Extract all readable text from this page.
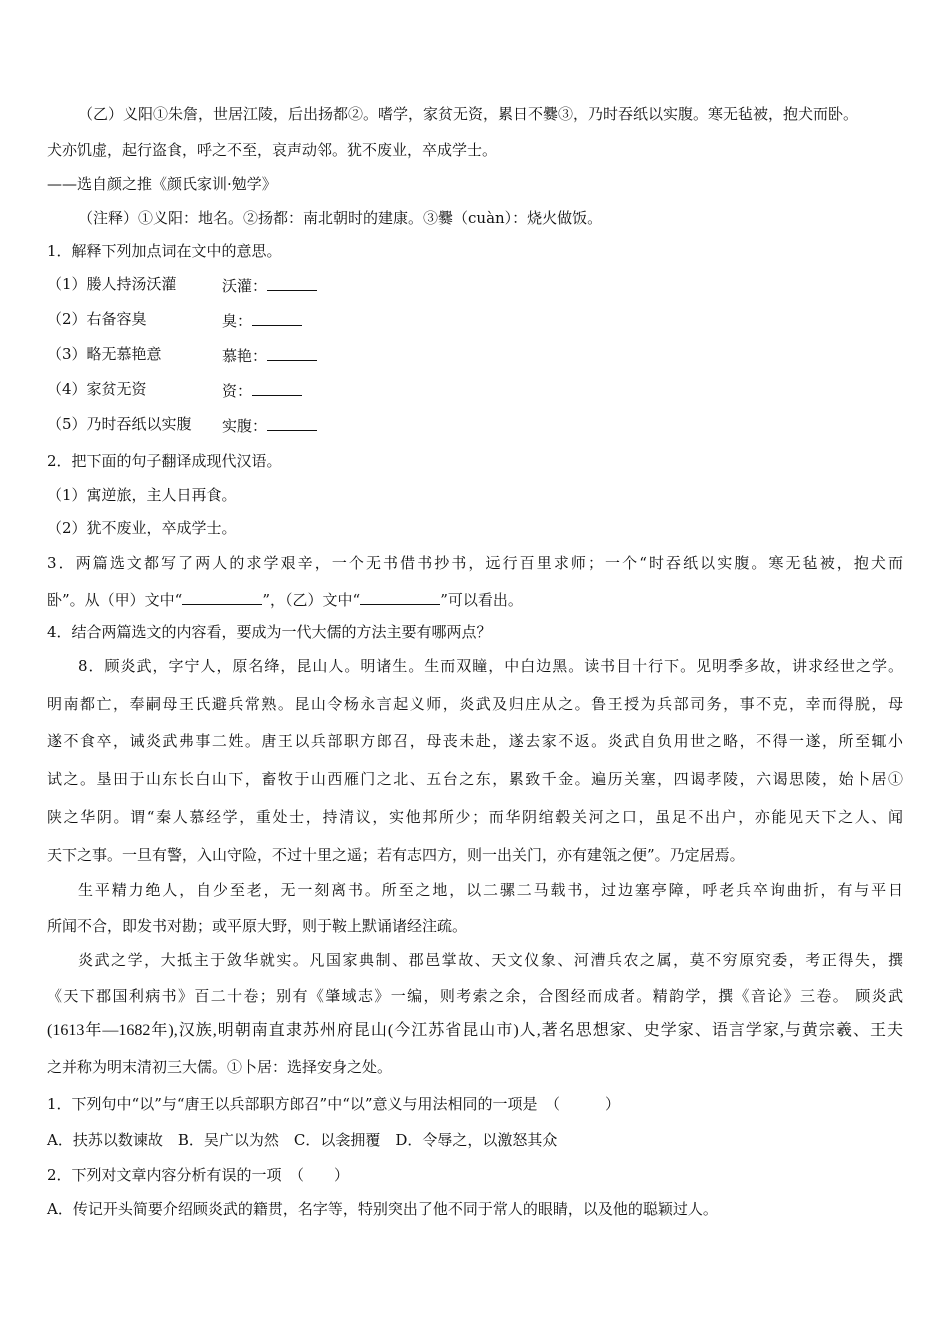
（乙）义阳①朱詹，世居江陵，后出扬都②。嗜学，家贫无资，累日不爨③，乃时吞纸以实腹。寒无毡被，抱犬而卧。
犬亦饥虚，起行盗食，呼之不至，哀声动邻。犹不废业，卒成学士。
——选自颜之推《颜氏家训·勉学》
（注释）①义阳：地名。②扬都：南北朝时的建康。③爨（cuàn）：烧火做饭。
1．解释下列加点词在文中的意思。
（1）媵人持汤沃灌	沃灌：
（2）右备容臭	臭：
（3）略无慕艳意	慕艳：
（4）家贫无资	资：
（5）乃时吞纸以实腹 实腹：
2．把下面的句子翻译成现代汉语。
（1）寓逆旅，主人日再食。
（2）犹不废业，卒成学士。
3．两篇选文都写了两人的求学艰辛，一个无书借书抄书，远行百里求师；一个“时吞纸以实腹。寒无毡被，抱犬而
卧”。从（甲）文中“	”，（乙）文中“	”可以看出。
4．结合两篇选文的内容看，要成为一代大儒的方法主要有哪两点？
8．顾炎武，字宁人，原名绛，昆山人。明诸生。生而双瞳，中白边黑。读书目十行下。见明季多故，讲求经世之学。
明南都亡，奉嗣母王氏避兵常熟。昆山令杨永言起义师，炎武及归庄从之。鲁王授为兵部司务，事不克，幸而得脱，母
遂不食卒，诫炎武弗事二姓。唐王以兵部职方郎召，母丧未赴，遂去家不返。炎武自负用世之略，不得一遂，所至辄小
试之。垦田于山东长白山下，畜牧于山西雁门之北、五台之东，累致千金。遍历关塞，四谒孝陵，六谒思陵，始卜居①
陕之华阴。谓“秦人慕经学，重处士，持清议，实他邦所少；而华阴绾毂关河之口，虽足不出户，亦能见天下之人、闻
天下之事。一旦有警，入山守险，不过十里之遥；若有志四方，则一出关门，亦有建瓴之便”。乃定居焉。
生平精力绝人，自少至老，无一刻离书。所至之地，以二骡二马载书，过边塞亭障，呼老兵卒询曲折，有与平日
所闻不合，即发书对勘；或平原大野，则于鞍上默诵诸经注疏。
炎武之学，大抵主于敛华就实。凡国家典制、郡邑掌故、天文仪象、河漕兵农之属，莫不穷原究委，考正得失，撰
《天下郡国利病书》百二十卷；别有《肇域志》一编，则考索之余，合图经而成者。精韵学，撰《音论》三卷。 顾炎武
(1613年—1682年),汉族,明朝南直隶苏州府昆山(今江苏省昆山市)人,著名思想家、史学家、语言学家,与黄宗羲、王夫
之并称为明末清初三大儒。①卜居：选择安身之处。
1．下列句中“以”与“唐王以兵部职方郎召”中“以”意义与用法相同的一项是　（　　　）
A．扶苏以数谏故　B．吴广以为然　C．以衾拥覆　D．令辱之，以激怒其众
2．下列对文章内容分析有误的一项　（　　）
A．传记开头简要介绍顾炎武的籍贯，名字等，特别突出了他不同于常人的眼睛，以及他的聪颖过人。
